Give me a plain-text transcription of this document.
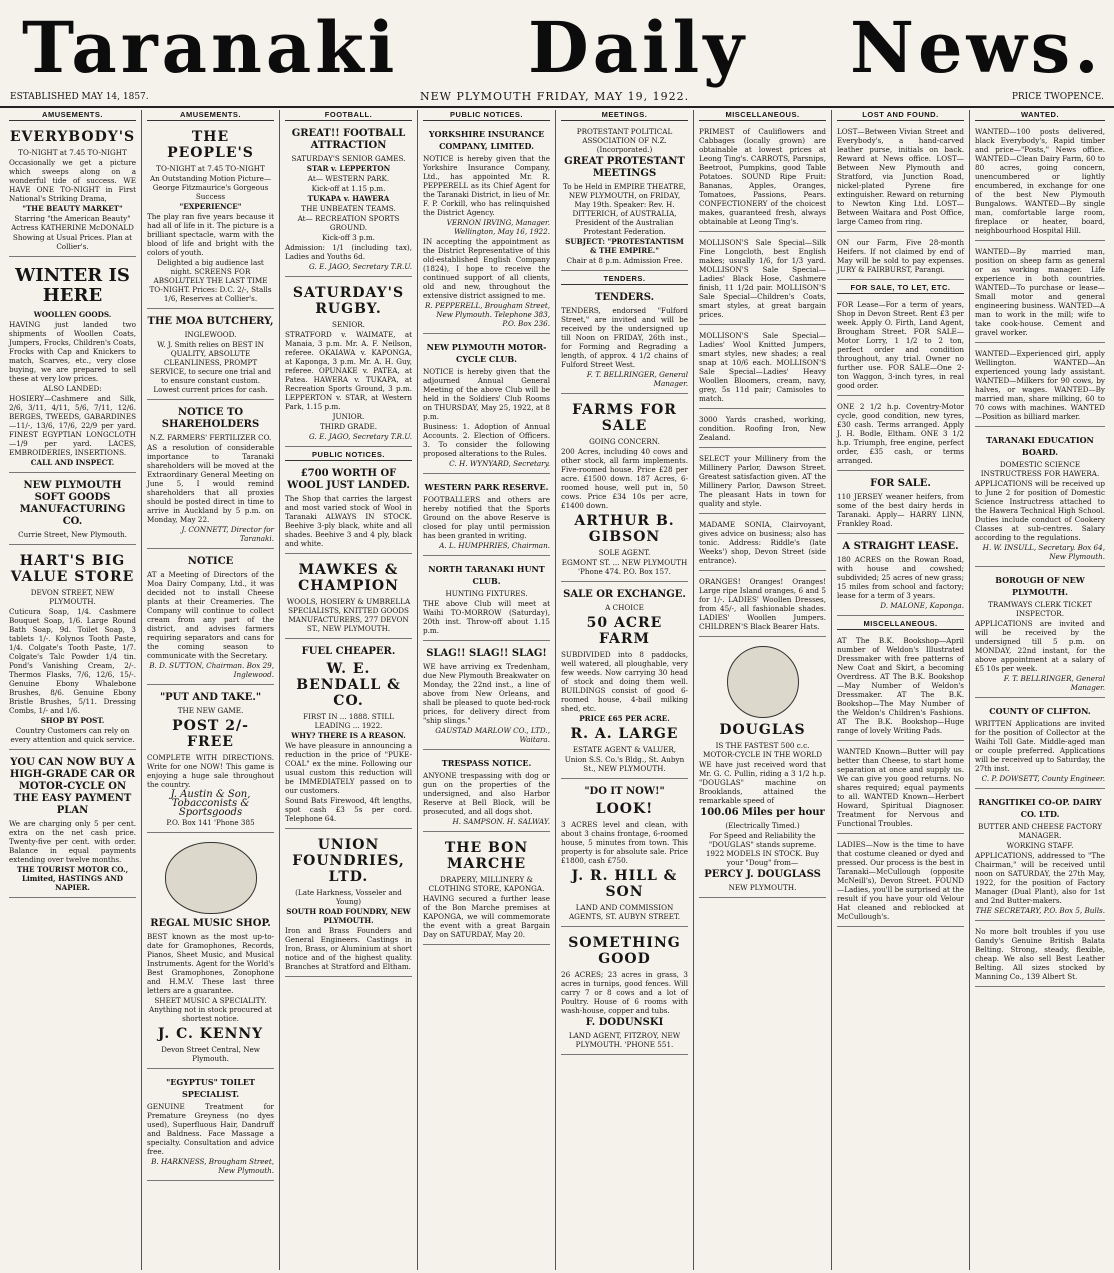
Taranaki Daily News.
ESTABLISHED MAY 14, 1857.	NEW PLYMOUTH FRIDAY, MAY 19, 1922.	PRICE TWOPENCE.
AMUSEMENTS.
EVERYBODY'S

TO-NIGHT at 7.45 TO-NIGHT

Occasionally we get a picture which sweeps along on a wonderful tide of success. WE HAVE ONE TO-NIGHT in First National's Striking Drama,

"THE BEAUTY MARKET"

Starring "the American Beauty" Actress KATHERINE McDONALD

Showing at Usual Prices. Plan at Collier's.

WINTER IS HERE

WOOLLEN GOODS.

HAVING just landed two shipments of Woollen Coats, Jumpers, Frocks, Children's Coats, Frocks with Cap and Knickers to match, Scarves, etc., very close buying, we are prepared to sell these at very low prices.

ALSO LANDED:

HOSIERY—Cashmere and Silk, 2/6, 3/11, 4/11, 5/6, 7/11, 12/6. BERGES, TWEEDS, GABARDINES—11/-, 13/6, 17/6, 22/9 per yard. FINEST EGYPTIAN LONGCLOTH—1/9 per yard. LACES, EMBROIDERIES, INSERTIONS.

CALL AND INSPECT.

NEW PLYMOUTH SOFT GOODS MANUFACTURING CO.

Currie Street, New Plymouth.

HART'S BIG VALUE STORE

DEVON STREET, NEW PLYMOUTH.

Cuticura Soap, 1/4. Cashmere Bouquet Soap, 1/6. Large Round Bath Soap, 9d. Toilet Soap, 3 tablets 1/-. Kolynos Tooth Paste, 1/4. Colgate's Tooth Paste, 1/7. Colgate's Talc Powder 1/4 tin. Pond's Vanishing Cream, 2/-. Thermos Flasks, 7/6, 12/6, 15/-. Genuine Ebony Whalebone Brushes, 8/6. Genuine Ebony Bristle Brushes, 5/11. Dressing Combs, 1/- and 1/6.

SHOP BY POST.

Country Customers can rely on every attention and quick service.

YOU CAN NOW BUY A HIGH-GRADE CAR OR MOTOR-CYCLE ON THE EASY PAYMENT PLAN

We are charging only 5 per cent. extra on the net cash price. Twenty-five per cent. with order. Balance in equal payments extending over twelve months.

THE TOURIST MOTOR CO., Limited, HASTINGS AND NAPIER.

AMUSEMENTS.
THE PEOPLE'S

TO-NIGHT at 7.45 TO-NIGHT

An Outstanding Motion Picture—George Fitzmaurice's Gorgeous Success

"EXPERIENCE"

The play ran five years because it had all of life in it. The picture is a brilliant spectacle, warm with the blood of life and bright with the colors of youth.

Delighted a big audience last night. SCREENS FOR ABSOLUTELY THE LAST TIME TO-NIGHT. Prices: D.C. 2/-, Stalls 1/6, Reserves at Collier's.

THE MOA BUTCHERY,

INGLEWOOD.

W. J. Smith relies on BEST IN QUALITY, ABSOLUTE CLEANLINESS, PROMPT SERVICE, to secure one trial and to ensure constant custom. Lowest current prices for cash.

NOTICE TO SHAREHOLDERS

N.Z. FARMERS' FERTILIZER CO.

AS a resolution of considerable importance to Taranaki shareholders will be moved at the Extraordinary General Meeting on June 5, I would remind shareholders that all proxies should be posted direct in time to arrive in Auckland by 5 p.m. on Monday, May 22.

J. CONNETT, Director for Taranaki.

NOTICE

AT a Meeting of Directors of the Moa Dairy Company, Ltd., it was decided not to install Cheese plants at their Creameries. The Company will continue to collect cream from any part of the district, and advises farmers requiring separators and cans for the coming season to communicate with the Secretary.

B. D. SUTTON, Chairman. Box 29, Inglewood.

"PUT AND TAKE."

THE NEW GAME.

POST 2/- FREE

COMPLETE WITH DIRECTIONS. Write for one NOW! This game is enjoying a huge sale throughout the country.

J. Austin & Son, Tobacconists & Sportsgoods

P.O. Box 141 'Phone 385

REGAL MUSIC SHOP.

BEST known as the most up-to-date for Gramophones, Records, Pianos, Sheet Music, and Musical Instruments. Agent for the World's Best Gramophones, Zonophone and H.M.V. These last three letters are a guarantee.

SHEET MUSIC A SPECIALITY. Anything not in stock procured at shortest notice.

J. C. KENNY

Devon Street Central, New Plymouth.

"EGYPTUS" TOILET SPECIALIST.

GENUINE Treatment for Premature Greyness (no dyes used), Superfluous Hair, Dandruff and Baldness. Face Massage a specialty. Consultation and advice free.

B. HARKNESS, Brougham Street, New Plymouth.

FOOTBALL.
GREAT!! FOOTBALL ATTRACTION

SATURDAY'S SENIOR GAMES.

STAR v. LEPPERTON

At— WESTERN PARK.

Kick-off at 1.15 p.m.

TUKAPA v. HAWERA

THE UNBEATEN TEAMS.

At— RECREATION SPORTS GROUND.

Kick-off 3 p.m.

Admission: 1/1 (including tax), Ladies and Youths 6d.

G. E. JAGO, Secretary T.R.U.

SATURDAY'S RUGBY.

SENIOR.

STRATFORD v. WAIMATE, at Manaia, 3 p.m. Mr. A. F. Neilson, referee. OKAIAWA v. KAPONGA, at Kaponga, 3 p.m. Mr. A. H. Guy, referee. OPUNAKE v. PATEA, at Patea. HAWERA v. TUKAPA, at Recreation Sports Ground, 3 p.m. LEPPERTON v. STAR, at Western Park, 1.15 p.m.

JUNIOR.

THIRD GRADE.

G. E. JAGO, Secretary T.R.U.

PUBLIC NOTICES.
£700 WORTH OF WOOL JUST LANDED.

The Shop that carries the largest and most varied stock of Wool in Taranaki ALWAYS IN STOCK. Beehive 3-ply black, white and all shades. Beehive 3 and 4 ply, black and white.

MAWKES & CHAMPION

WOOLS, HOSIERY & UMBRELLA SPECIALISTS, KNITTED GOODS MANUFACTURERS, 277 DEVON ST., NEW PLYMOUTH.

FUEL CHEAPER.
W. E. BENDALL & CO.

FIRST IN ... 1888. STILL LEADING ... 1922.

WHY? THERE IS A REASON.

We have pleasure in announcing a reduction in the price of "PUKE-COAL" ex the mine. Following our usual custom this reduction will be IMMEDIATELY passed on to our customers.

Sound Bats Firewood, 4ft lengths, spot cash £3 5s per cord. Telephone 64.

UNION FOUNDRIES, LTD.

(Late Harkness, Vosseler and Young)

SOUTH ROAD FOUNDRY, NEW PLYMOUTH.

Iron and Brass Founders and General Engineers. Castings in Iron, Brass, or Aluminium at short notice and of the highest quality. Branches at Stratford and Eltham.

PUBLIC NOTICES.
YORKSHIRE INSURANCE COMPANY, LIMITED.

NOTICE is hereby given that the Yorkshire Insurance Company, Ltd., has appointed Mr. R. PEPPERELL as its Chief Agent for the Taranaki District, in lieu of Mr. F. P. Corkill, who has relinquished the District Agency.

VERNON IRVING, Manager. Wellington, May 16, 1922.

IN accepting the appointment as the District Representative of this old-established English Company (1824), I hope to receive the continued support of all clients, old and new, throughout the extensive district assigned to me.

R. PEPPERELL, Brougham Street, New Plymouth. Telephone 383, P.O. Box 236.

NEW PLYMOUTH MOTOR-CYCLE CLUB.

NOTICE is hereby given that the adjourned Annual General Meeting of the above Club will be held in the Soldiers' Club Rooms on THURSDAY, May 25, 1922, at 8 p.m.

Business: 1. Adoption of Annual Accounts. 2. Election of Officers. 3. To consider the following proposed alterations to the Rules.

C. H. WYNYARD, Secretary.

WESTERN PARK RESERVE.

FOOTBALLERS and others are hereby notified that the Sports Ground on the above Reserve is closed for play until permission has been granted in writing.

A. L. HUMPHRIES, Chairman.

NORTH TARANAKI HUNT CLUB.

HUNTING FIXTURES.

THE above Club will meet at Waihi TO-MORROW (Saturday), 20th inst. Throw-off about 1.15 p.m.

SLAG!! SLAG!! SLAG!

WE have arriving ex Tredenham, due New Plymouth Breakwater on Monday, the 22nd inst., a line of above from New Orleans, and shall be pleased to quote bed-rock prices, for delivery direct from "ship slings."

GAUSTAD MARLOW CO., LTD., Waitara.

TRESPASS NOTICE.

ANYONE trespassing with dog or gun on the properties of the undersigned, and also Harbor Reserve at Bell Block, will be prosecuted, and all dogs shot.

H. SAMPSON. H. SALWAY.

THE BON MARCHE

DRAPERY, MILLINERY & CLOTHING STORE, KAPONGA.

HAVING secured a further lease of the Bon Marche premises at KAPONGA, we will commemorate the event with a great Bargain Day on SATURDAY, May 20.

MEETINGS.

PROTESTANT POLITICAL ASSOCIATION OF N.Z. (Incorporated.)

GREAT PROTESTANT MEETINGS

To be Held in EMPIRE THEATRE, NEW PLYMOUTH, on FRIDAY, May 19th. Speaker: Rev. H. DITTERICH, of AUSTRALIA, President of the Australian Protestant Federation.

SUBJECT: "PROTESTANTISM & THE EMPIRE."

Chair at 8 p.m. Admission Free.

TENDERS.
TENDERS.

TENDERS, endorsed "Fulford Street," are invited and will be received by the undersigned up till Noon on FRIDAY, 26th inst., for Forming and Regrading a length, of approx. 4 1/2 chains of Fulford Street West.

F. T. BELLRINGER, General Manager.

FARMS FOR SALE

GOING CONCERN.

200 Acres, including 40 cows and other stock, all farm implements. Five-roomed house. Price £28 per acre. £1500 down. 187 Acres, 6-roomed house, well put in, 50 cows. Price £34 10s per acre, £1400 down.

ARTHUR B. GIBSON

SOLE AGENT.

EGMONT ST. ... NEW PLYMOUTH 'Phone 474. P.O. Box 157.

SALE OR EXCHANGE.

A CHOICE

50 ACRE FARM

SUBDIVIDED into 8 paddocks, well watered, all ploughable, very few weeds. Now carrying 30 head of stock and doing them well. BUILDINGS consist of good 6-roomed house, 4-bail milking shed, etc.

PRICE £65 PER ACRE.

R. A. LARGE

ESTATE AGENT & VALUER,

Union S.S. Co.'s Bldg., St. Aubyn St., NEW PLYMOUTH.

"DO IT NOW!"
LOOK!

3 ACRES level and clean, with about 3 chains frontage, 6-roomed house, 5 minutes from town. This property is for absolute sale. Price £1800, cash £750.

J. R. HILL & SON

LAND AND COMMISSION AGENTS, ST. AUBYN STREET.

SOMETHING GOOD

26 ACRES; 23 acres in grass, 3 acres in turnips, good fences. Will carry 7 or 8 cows and a lot of Poultry. House of 6 rooms with wash-house, copper and tubs.

F. DODUNSKI

LAND AGENT, FITZROY, NEW PLYMOUTH. 'PHONE 551.

MISCELLANEOUS.

PRIMEST of Cauliflowers and Cabbages (locally grown) are obtainable at lowest prices at Leong Ting's. CARROTS, Parsnips, Beetroot, Pumpkins, good Table Potatoes. SOUND Ripe Fruit: Bananas, Apples, Oranges, Tomatoes, Passions, Pears. CONFECTIONERY of the choicest makes, guaranteed fresh, always obtainable at Leong Ting's.

MOLLISON'S Sale Special—Silk Fine Longcloth, best English makes; usually 1/6, for 1/3 yard. MOLLISON'S Sale Special—Ladies' Black Hose, Cashmere finish, 11 1/2d pair. MOLLISON'S Sale Special—Children's Coats, smart styles, at great bargain prices.

MOLLISON'S Sale Special—Ladies' Wool Knitted Jumpers, smart styles, new shades; a real snap at 10/6 each. MOLLISON'S Sale Special—Ladies' Heavy Woollen Bloomers, cream, navy, grey, 5s 11d pair; Camisoles to match.

3000 Yards crashed, working, condition. Roofing Iron, New Zealand.

SELECT your Millinery from the Millinery Parlor, Dawson Street. Greatest satisfaction given. AT the Millinery Parlor, Dawson Street. The pleasant Hats in town for quality and style.

MADAME SONIA, Clairvoyant, gives advice on business; also has tonic. Address: Riddle's (late Weeks') shop, Devon Street (side entrance).

ORANGES! Oranges! Oranges! Large ripe Island oranges, 6 and 5 for 1/-. LADIES' Woollen Dresses, from 45/-, all fashionable shades. LADIES' Woollen Jumpers. CHILDREN'S Black Bearer Hats.

DOUGLAS

IS THE FASTEST 500 c.c. MOTOR-CYCLE IN THE WORLD

WE have just received word that Mr. G. C. Pullin, riding a 3 1/2 h.p. "DOUGLAS" machine on Brooklands, attained the remarkable speed of

100.06 Miles per hour

(Electrically Timed.)

For Speed and Reliability the "DOUGLAS" stands supreme. 1922 MODELS IN STOCK. Buy your "Doug" from—

PERCY J. DOUGLASS

NEW PLYMOUTH.

LOST AND FOUND.

LOST—Between Vivian Street and Everybody's, a hand-carved leather purse, initials on back. Reward at News office. LOST—Between New Plymouth and Stratford, via Junction Road, nickel-plated Pyrene fire extinguisher. Reward on returning to Newton King Ltd. LOST—Between Waitara and Post Office, large Cameo from ring.

ON our Farm, Five 28-month Heifers. If not claimed by end of May will be sold to pay expenses. JURY & FAIRBURST, Parangi.

FOR SALE, TO LET, ETC.

FOR Lease—For a term of years, Shop in Devon Street. Rent £3 per week. Apply O. Firth, Land Agent, Brougham Street. FOR SALE—Motor Lorry, 1 1/2 to 2 ton, perfect order and condition throughout, any trial. Owner no further use. FOR SALE—One 2-ton Waggon, 3-inch tyres, in real good order.

ONE 2 1/2 h.p. Coventry-Motor cycle, good condition, new tyres, £30 cash. Terms arranged. Apply J. H. Bodle, Eltham. ONE 3 1/2 h.p. Triumph, free engine, perfect order, £35 cash, or terms arranged.

FOR SALE.

110 JERSEY weaner heifers, from some of the best dairy herds in Taranaki. Apply— HARRY LINN, Frankley Road.

A STRAIGHT LEASE.

180 ACRES on the Rowan Road, with house and cowshed; subdivided; 25 acres of new grass; 15 miles from school and factory; lease for a term of 3 years.

D. MALONE, Kaponga.

MISCELLANEOUS.

AT The B.K. Bookshop—April number of Weldon's Illustrated Dressmaker with free patterns of New Coat and Skirt, a becoming Overdress. AT The B.K. Bookshop—May Number of Weldon's Dressmaker. AT The B.K. Bookshop—The May Number of the Weldon's Children's Fashions. AT The B.K. Bookshop—Huge range of lovely Writing Pads.

WANTED Known—Butter will pay better than Cheese, to start home separation at once and supply us. We can give you good returns. No shares required; equal payments to all. WANTED Known—Herbert Howard, Spiritual Diagnoser. Treatment for Nervous and Functional Troubles.

LADIES—Now is the time to have that costume cleaned or dyed and pressed. Our process is the best in Taranaki—McCullough (opposite McNeill's), Devon Street. FOUND—Ladies, you'll be surprised at the result if you have your old Velour Hat cleaned and reblocked at McCullough's.

WANTED.

WANTED—100 posts delivered, black Everybody's, Rapid timber and price—"Posts," News office. WANTED—Clean Dairy Farm, 60 to 80 acres, going concern, unencumbered or lightly encumbered, in exchange for one of the best New Plymouth Bungalows. WANTED—By single man, comfortable large room, fireplace or heater, board, neighbourhood Hospital Hill.

WANTED—By married man, position on sheep farm as general or as working manager. Life experience in both countries. WANTED—To purchase or lease—Small motor and general engineering business. WANTED—A man to work in the mill; wife to take cook-house. Cement and gravel worker.

WANTED—Experienced girl, apply Wellington. WANTED—An experienced young lady assistant. WANTED—Milkers for 90 cows, by halves, or wages. WANTED—By married man, share milking, 60 to 70 cows with machines. WANTED—Position as billiard marker.

TARANAKI EDUCATION BOARD.

DOMESTIC SCIENCE INSTRUCTRESS FOR HAWERA.

APPLICATIONS will be received up to June 2 for position of Domestic Science Instructress attached to the Hawera Technical High School. Duties include conduct of Cookery Classes at sub-centres. Salary according to the regulations.

H. W. INSULL, Secretary. Box 64, New Plymouth.

BOROUGH OF NEW PLYMOUTH.

TRAMWAYS CLERK TICKET INSPECTOR.

APPLICATIONS are invited and will be received by the undersigned till 5 p.m. on MONDAY, 22nd instant, for the above appointment at a salary of £5 10s per week.

F. T. BELLRINGER, General Manager.

COUNTY OF CLIFTON.

WRITTEN Applications are invited for the position of Collector at the Waihi Toll Gate. Middle-aged man or couple preferred. Applications will be received up to Saturday, the 27th inst.

C. P. DOWSETT, County Engineer.

RANGITIKEI CO-OP. DAIRY CO. LTD.

BUTTER AND CHEESE FACTORY MANAGER.

WORKING STAFF.

APPLICATIONS, addressed to "The Chairman," will be received until noon on SATURDAY, the 27th May, 1922, for the position of Factory Manager (Dual Plant), also for 1st and 2nd Butter-makers.

THE SECRETARY, P.O. Box 5, Bulls.

No more bolt troubles if you use Gandy's Genuine British Balata Belting. Strong, steady, flexible, cheap. We also sell Best Leather Belting. All sizes stocked by Manning Co., 139 Albert St.
